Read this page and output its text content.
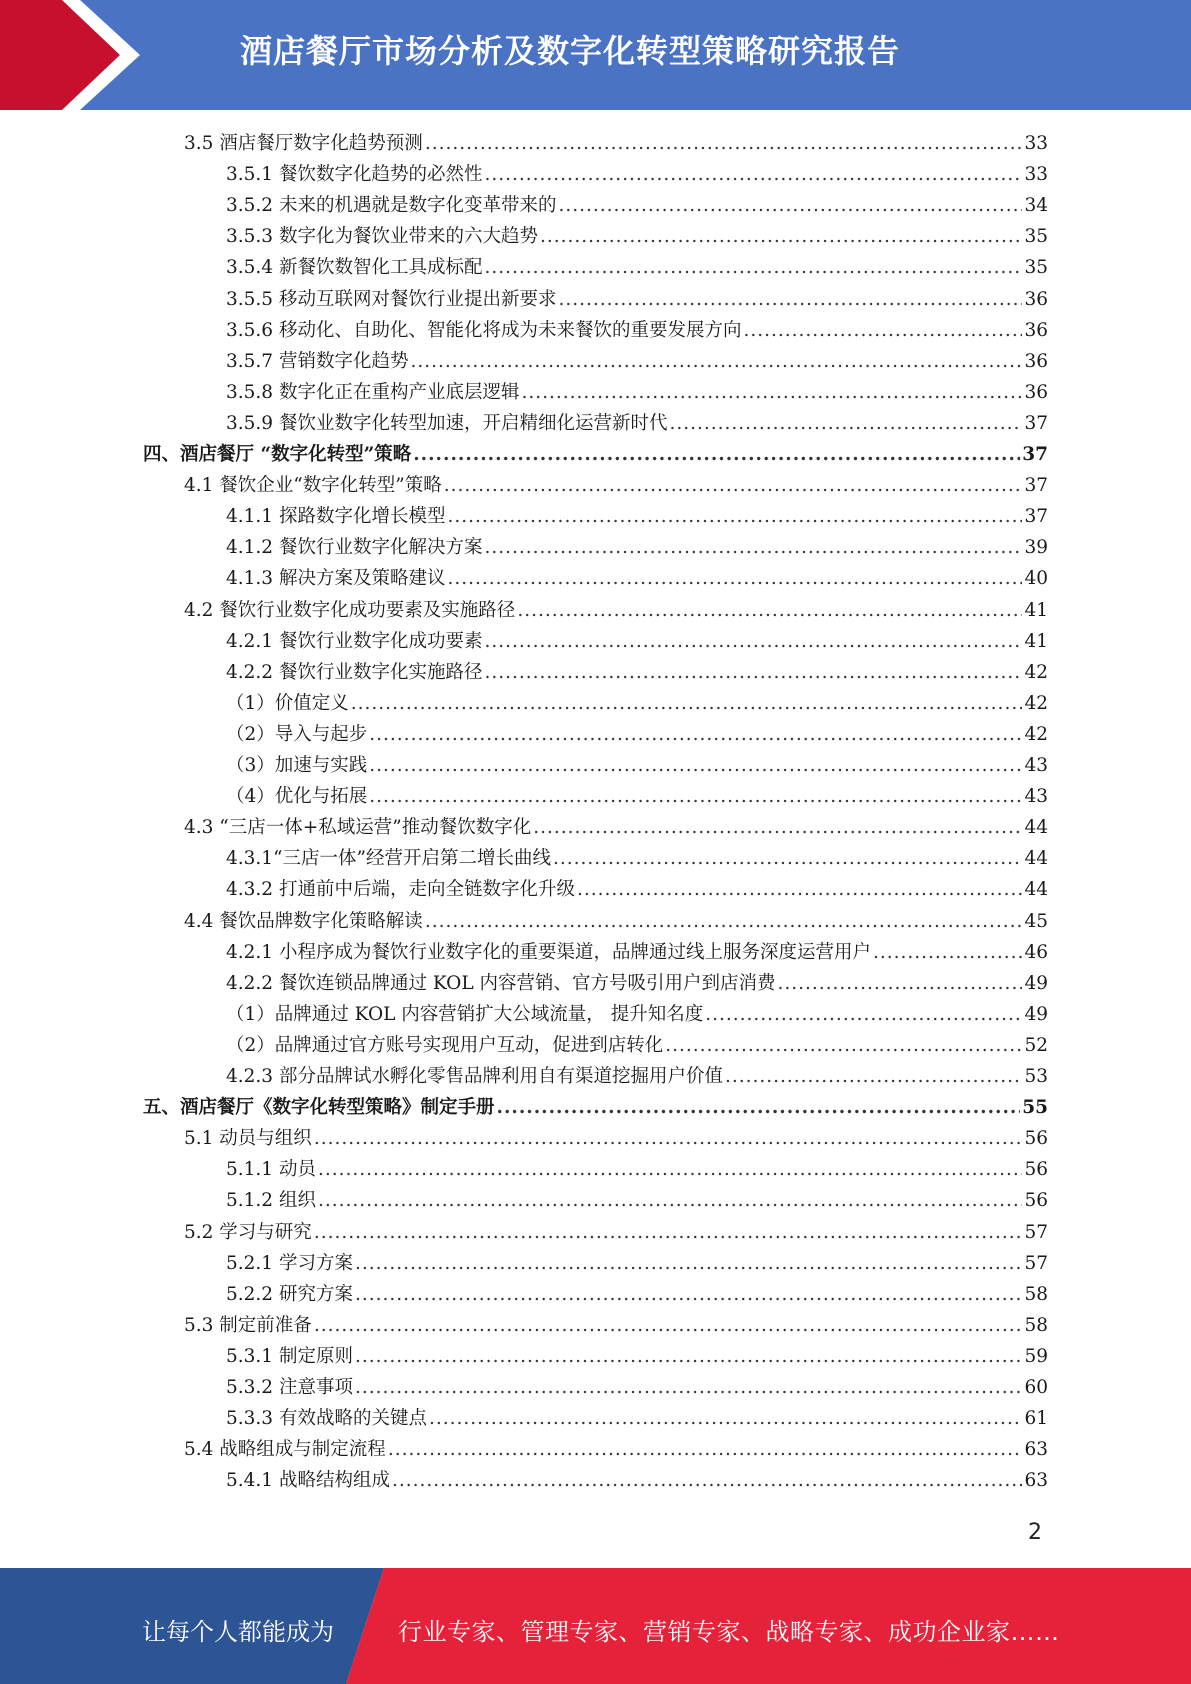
酒店餐厅市场分析及数字化转型策略研究报告
3.5 酒店餐厅数字化趋势预测 .....	33
3.5.1 餐饮数字化趋势的必然性 .....	33
3.5.2 未来的机遇就是数字化变革带来的 .....	34
3.5.3 数字化为餐饮业带来的六大趋势 .....	35
3.5.4 新餐饮数智化工具成标配 .....	35
3.5.5 移动互联网对餐饮行业提出新要求 .....	36
3.5.6 移动化、自助化、智能化将成为未来餐饮的重要发展方向 .....	36
3.5.7 营销数字化趋势 .....	36
3.5.8 数字化正在重构产业底层逻辑 .....	36
3.5.9 餐饮业数字化转型加速，开启精细化运营新时代 .....	37
四、酒店餐厅 “数字化转型”策略 .....	37
4.1 餐饮企业“数字化转型”策略 .....	37
4.1.1 探路数字化增长模型 .....	37
4.1.2 餐饮行业数字化解决方案 .....	39
4.1.3 解决方案及策略建议 .....	40
4.2 餐饮行业数字化成功要素及实施路径 .....	41
4.2.1 餐饮行业数字化成功要素 .....	41
4.2.2 餐饮行业数字化实施路径 .....	42
（1）价值定义 .....	42
（2）导入与起步 .....	42
（3）加速与实践 .....	43
（4）优化与拓展 .....	43
4.3 “三店一体+私域运营”推动餐饮数字化 .....	44
4.3.1“三店一体”经营开启第二增长曲线 .....	44
4.3.2 打通前中后端，走向全链数字化升级 .....	44
4.4 餐饮品牌数字化策略解读 .....	45
4.2.1 小程序成为餐饮行业数字化的重要渠道，品牌通过线上服务深度运营用户 .....	46
4.2.2 餐饮连锁品牌通过 KOL 内容营销、官方号吸引用户到店消费 .....	49
（1）品牌通过 KOL 内容营销扩大公域流量， 提升知名度 .....	49
（2）品牌通过官方账号实现用户互动，促进到店转化 .....	52
4.2.3 部分品牌试水孵化零售品牌利用自有渠道挖掘用户价值 .....	53
五、酒店餐厅《数字化转型策略》制定手册 .....	55
5.1 动员与组织 .....	56
5.1.1 动员 .....	56
5.1.2 组织 .....	56
5.2 学习与研究 .....	57
5.2.1 学习方案 .....	57
5.2.2 研究方案 .....	58
5.3 制定前准备 .....	58
5.3.1 制定原则 .....	59
5.3.2 注意事项 .....	60
5.3.3 有效战略的关键点 .....	61
5.4 战略组成与制定流程 .....	63
5.4.1 战略结构组成 .....	63
2
让每个人都能成为	行业专家、管理专家、营销专家、战略专家、成功企业家……
